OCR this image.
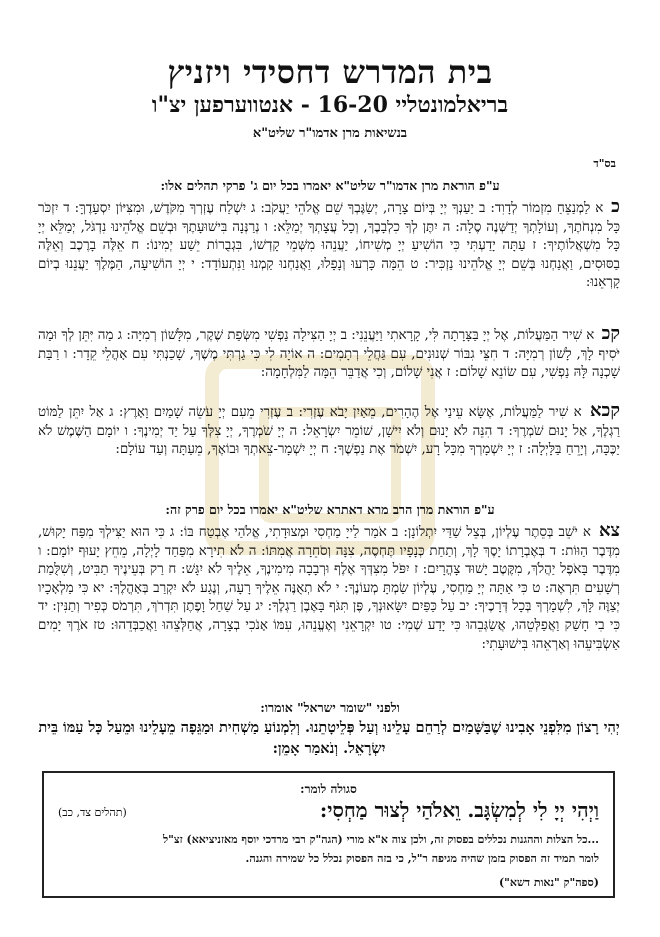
בית המדרש דחסידי ויזניץ
בריאלמונטליי 16-20 - אנטווערפען יצ"ו
בנשיאות מרן אדמו"ר שליט"א
בס"ד
ע"פ הוראת מרן אדמו"ר שליט"א יאמרו בכל יום ג' פרקי תהלים אלו:
כ א לַמְנַצֵּחַ מִזְמוֹר לְדָוִד: ב יַעַנְךָ יְיָ בְּיוֹם צָרָה, יְשַׂגֶּבְךָ שֵׁם אֱלֹהֵי יַעֲקֹב: ג יִשְׁלַח עֶזְרְךָ מִקֹּדֶשׁ, וּמִצִּיּוֹן יִסְעָדֶךָּ: ד יִזְכֹּר כָּל מִנְחֹתֶךָ, וְעוֹלָתְךָ יְדַשְּׁנֶה סֶלָה: ה יִתֶּן לְךָ כִלְבָבֶךָ, וְכָל עֲצָתְךָ יְמַלֵּא: ו נְרַנְּנָה בִּישׁוּעָתֶךָ וּבְשֵׁם אֱלֹהֵינוּ נִדְגֹּל, יְמַלֵּא יְיָ כָּל מִשְׁאֲלוֹתֶיךָ: ז עַתָּה יָדַעְתִּי כִּי הוֹשִׁיעַ יְיָ מְשִׁיחוֹ, יַעֲנֵהוּ מִשְּׁמֵי קָדְשׁוֹ, בִּגְבֻרוֹת יֵשַׁע יְמִינוֹ: ח אֵלֶּה בָרֶכֶב וְאֵלֶּה בַסּוּסִים, וַאֲנַחְנוּ בְּשֵׁם יְיָ אֱלֹהֵינוּ נַזְכִּיר: ט הֵמָּה כָּרְעוּ וְנָפָלוּ, וַאֲנַחְנוּ קַמְנוּ וַנִּתְעוֹדָד: י יְיָ הוֹשִׁיעָה, הַמֶּלֶךְ יַעֲנֵנוּ בְיוֹם קָרְאֵנוּ:
קכ א שִׁיר הַמַּעֲלוֹת, אֶל יְיָ בַּצָּרָתָה לִּי, קָרָאתִי וַיַּעֲנֵנִי: ב יְיָ הַצִּילָה נַפְשִׁי מִשְּׂפַת שֶׁקֶר, מִלָּשׁוֹן רְמִיָּה: ג מַה יִּתֵּן לְךָ וּמַה יֹּסִיף לָךְ, לָשׁוֹן רְמִיָּה: ד חִצֵּי גִבּוֹר שְׁנוּנִים, עִם גַּחֲלֵי רְתָמִים: ה אוֹיָה לִי כִּי גַרְתִּי מֶשֶׁךְ, שָׁכַנְתִּי עִם אָהֳלֵי קֵדָר: ו רַבַּת שָׁכְנָה לָּהּ נַפְשִׁי, עִם שׂוֹנֵא שָׁלוֹם: ז אֲנִי שָׁלוֹם, וְכִי אֲדַבֵּר הֵמָּה לַמִּלְחָמָה:
קכא א שִׁיר לַמַּעֲלוֹת, אֶשָּׂא עֵינַי אֶל הֶהָרִים, מֵאַיִן יָבֹא עֶזְרִי: ב עֶזְרִי מֵעִם יְיָ עֹשֵׂה שָׁמַיִם וָאָרֶץ: ג אַל יִתֵּן לַמּוֹט רַגְלֶךָ, אַל יָנוּם שֹׁמְרֶךָ: ד הִנֵּה לֹא יָנוּם וְלֹא יִישָׁן, שׁוֹמֵר יִשְׂרָאֵל: ה יְיָ שֹׁמְרֶךָ, יְיָ צִלְּךָ עַל יַד יְמִינֶךָ: ו יוֹמָם הַשֶּׁמֶשׁ לֹא יַכֶּכָּה, וְיָרֵחַ בַּלָּיְלָה: ז יְיָ יִשְׁמָרְךָ מִכָּל רָע, יִשְׁמֹר אֶת נַפְשֶׁךָ: ח יְיָ יִשְׁמָר-צֵאתְךָ וּבוֹאֶךָ, מֵעַתָּה וְעַד עוֹלָם:
ע"פ הוראת מרן הרב מרא דאתרא שליט"א יאמרו בכל יום פרק זה:
צא א יֹשֵׁב בְּסֵתֶר עֶלְיוֹן, בְּצֵל שַׁדַּי יִתְלוֹנָן: ב אֹמַר לַייָ מַחְסִי וּמְצוּדָתִי, אֱלֹהַי אֶבְטַח בּוֹ: ג כִּי הוּא יַצִּילְךָ מִפַּח יָקוּשׁ, מִדֶּבֶר הַוּוֹת: ד בְּאֶבְרָתוֹ יָסֶךְ לָךְ, וְתַחַת כְּנָפָיו תֶּחְסֶה, צִנָּה וְסֹחֵרָה אֲמִתּוֹ: ה לֹא תִירָא מִפַּחַד לָיְלָה, מֵחֵץ יָעוּף יוֹמָם: ו מִדֶּבֶר בָּאֹפֶל יַהֲלֹךְ, מִקֶּטֶב יָשׁוּד צָהֳרָיִם: ז יִפֹּל מִצִּדְּךָ אֶלֶף וּרְבָבָה מִימִינֶךָ, אֵלֶיךָ לֹא יִגָּשׁ: ח רַק בְּעֵינֶיךָ תַבִּיט, וְשִׁלֻּמַת רְשָׁעִים תִּרְאֶה: ט כִּי אַתָּה יְיָ מַחְסִי, עֶלְיוֹן שַׂמְתָּ מְעוֹנֶךָ: י לֹא תְאֻנֶּה אֵלֶיךָ רָעָה, וְנֶגַע לֹא יִקְרַב בְּאָהֳלֶךָ: יא כִּי מַלְאָכָיו יְצַוֶּה לָּךְ, לִשְׁמָרְךָ בְּכָל דְּרָכֶיךָ: יב עַל כַּפַּיִם יִשָּׂאוּנְךָ, פֶּן תִּגֹּף בָּאֶבֶן רַגְלֶךָ: יג עַל שַׁחַל וָפֶתֶן תִּדְרֹךְ, תִּרְמֹס כְּפִיר וְתַנִּין: יד כִּי בִי חָשַׁק וַאֲפַלְּטֵהוּ, אֲשַׂגְּבֵהוּ כִּי יָדַע שְׁמִי: טו יִקְרָאֵנִי וְאֶעֱנֵהוּ, עִמּוֹ אָנֹכִי בְצָרָה, אֲחַלְּצֵהוּ וַאֲכַבְּדֵהוּ: טז אֹרֶךְ יָמִים אַשְׂבִּיעֵהוּ וְאַרְאֵהוּ בִּישׁוּעָתִי:
ולפני "שומר ישראל" אומרו:
יְהִי רָצוֹן מִלִּפְנֵי אָבִינוּ שֶׁבַּשָּׁמַיִם לְרַחֵם עָלֵינוּ וְעַל פְּלֵיטָתֵנוּ. וְלִמְנוֹעַ מַשְׁחִית וּמַגֵּפָה מֵעָלֵינוּ וּמֵעַל כָּל עַמּוֹ בֵּית יִשְׂרָאֵל. וְנֹאמַר אָמֵן:
סגולה לומר:
וַיְהִי יְיָ לִי לְמִשְׂגָּב. וֵאלֹהַי לְצוּר מַחְסִי:
(תהלים צד, כב)
...כל הצלות וההגנות נכללים בפסוק זה, ולכן צוה א"א מורי (הגה"ק רבי מרדכי יוסף מאזניציאא) זצ"ל
לומר תמיד זה הפסוק בזמן שהיה מגיפה ר"ל, כי בזה הפסוק נכלל כל שמירה והגנה.
(ספה"ק "נאות דשא")
